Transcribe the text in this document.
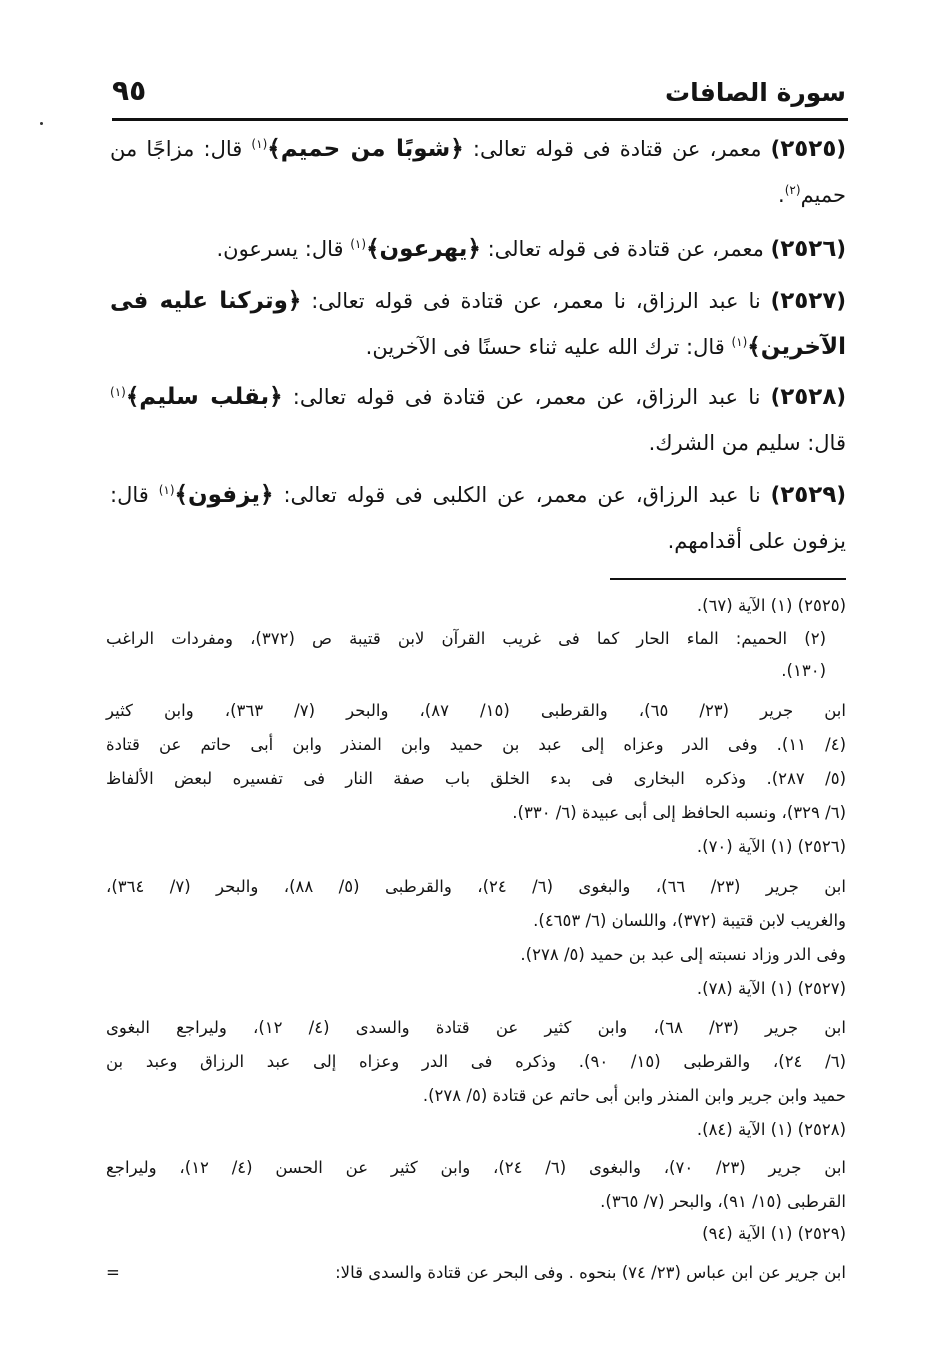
سورة الصافات
٩٥
(٢٥٢٥) معمر، عن قتادة فى قوله تعالى: ﴿شوبًا من حميم﴾$^{(١)}$ قال: مزاجًا من حميم$^{(٢)}$.
(٢٥٢٦) معمر، عن قتادة فى قوله تعالى: ﴿يهرعون﴾$^{(١)}$ قال: يسرعون.
(٢٥٢٧) نا عبد الرزاق، نا معمر، عن قتادة فى قوله تعالى: ﴿وتركنا عليه فى الآخرين﴾$^{(١)}$ قال: ترك الله عليه ثناء حسنًا فى الآخرين.
(٢٥٢٨) نا عبد الرزاق، عن معمر، عن قتادة فى قوله تعالى: ﴿بقلب سليم﴾$^{(١)}$ قال: سليم من الشرك.
(٢٥٢٩) نا عبد الرزاق، عن معمر، عن الكلبى فى قوله تعالى: ﴿يزفون﴾$^{(١)}$ قال: يزفون على أقدامهم.
(٢٥٢٥) (١) الآية (٦٧).
(٢) الحميم: الماء الحار كما فى غريب القرآن لابن قتيبة ص (٣٧٢)، ومفردات الراغب
(١٣٠).
ابن جرير (٢٣/ ٦٥)، والقرطبى (١٥/ ٨٧)، والبحر (٧/ ٣٦٣)، وابن كثير
(٤/ ١١). وفى الدر وعزاه إلى عبد بن حميد وابن المنذر وابن أبى حاتم عن قتادة
(٥/ ٢٨٧). وذكره البخارى فى بدء الخلق باب صفة النار فى تفسيره لبعض الألفاظ
(٦/ ٣٢٩)، ونسبه الحافظ إلى أبى عبيدة (٦/ ٣٣٠).
(٢٥٢٦) (١) الآية (٧٠).
ابن جرير (٢٣/ ٦٦)، والبغوى (٦/ ٢٤)، والقرطبى (٥/ ٨٨)، والبحر (٧/ ٣٦٤)،
والغريب لابن قتيبة (٣٧٢)، واللسان (٦/ ٤٦٥٣).
وفى الدر وزاد نسبته إلى عبد بن حميد (٥/ ٢٧٨).
(٢٥٢٧) (١) الآية (٧٨).
ابن جرير (٢٣/ ٦٨)، وابن كثير عن قتادة والسدى (٤/ ١٢)، وليراجع البغوى
(٦/ ٢٤)، والقرطبى (١٥/ ٩٠). وذكره فى الدر وعزاه إلى عبد الرزاق وعبد بن
حميد وابن جرير وابن المنذر وابن أبى حاتم عن قتادة (٥/ ٢٧٨).
(٢٥٢٨) (١) الآية (٨٤).
ابن جرير (٢٣/ ٧٠)، والبغوى (٦/ ٢٤)، وابن كثير عن الحسن (٤/ ١٢)، وليراجع
القرطبى (١٥/ ٩١)، والبحر (٧/ ٣٦٥).
(٢٥٢٩) (١) الآية (٩٤)
ابن جرير عن ابن عباس (٢٣/ ٧٤) بنحوه . وفى البحر عن قتادة والسدى قالا:
=
